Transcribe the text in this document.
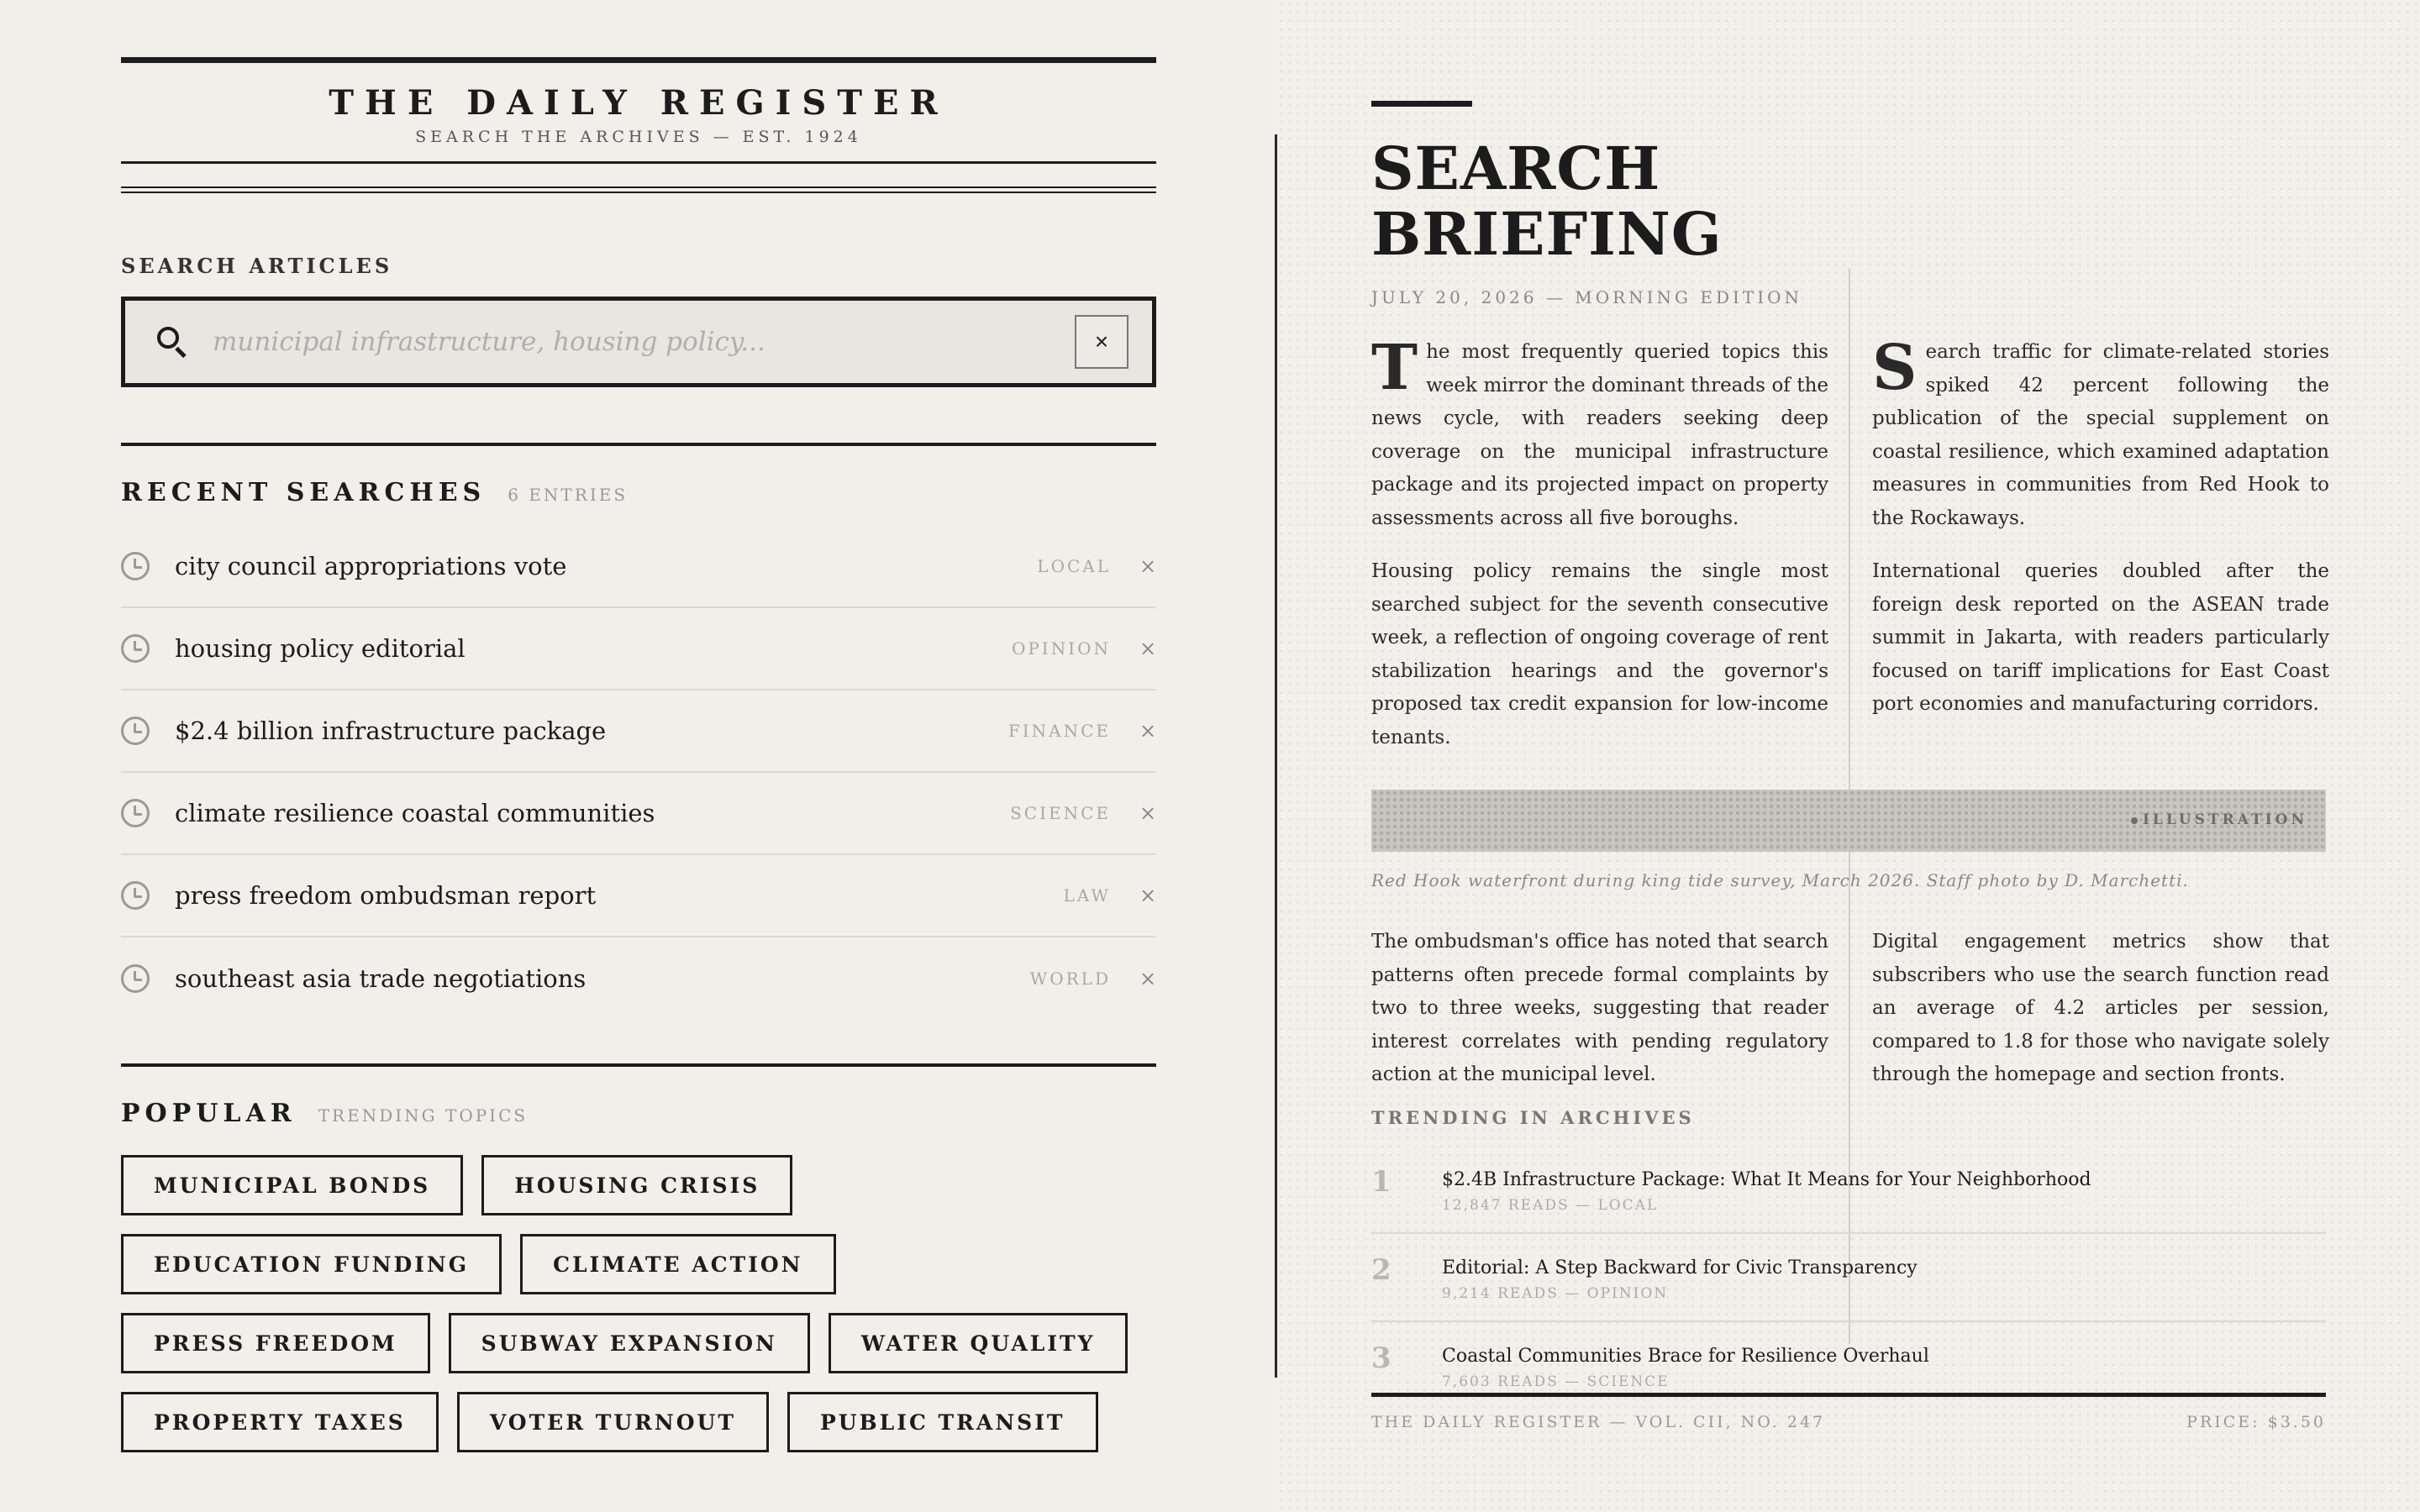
THE DAILY REGISTER
SEARCH THE ARCHIVES — EST. 1924
SEARCH ARTICLES
municipal infrastructure, housing policy...
×
RECENT SEARCHES 6 ENTRIES
city council appropriations vote	LOCAL ×
housing policy editorial	OPINION ×
$2.4 billion infrastructure package	FINANCE ×
climate resilience coastal communities	SCIENCE ×
press freedom ombudsman report	LAW ×
southeast asia trade negotiations	WORLD ×
POPULAR TRENDING TOPICS
MUNICIPAL BONDS	HOUSING CRISIS
EDUCATION FUNDING	CLIMATE ACTION
PRESS FREEDOM	SUBWAY EXPANSION	WATER QUALITY
PROPERTY TAXES	VOTER TURNOUT	PUBLIC TRANSIT
SEARCH
BRIEFING
JULY 20, 2026 — MORNING EDITION

The most frequently queried topics this week mirror the dominant threads of the news cycle, with readers seeking deep coverage on the municipal infrastructure package and its projected impact on property assessments across all five boroughs.

Housing policy remains the single most searched subject for the seventh consecutive week, a reflection of ongoing coverage of rent stabilization hearings and the governor's proposed tax credit expansion for low-income tenants.

Search traffic for climate-related stories spiked 42 percent following the publication of the special supplement on coastal resilience, which examined adaptation measures in communities from Red Hook to the Rockaways.

International queries doubled after the foreign desk reported on the ASEAN trade summit in Jakarta, with readers particularly focused on tariff implications for East Coast port economies and manufacturing corridors.

ILLUSTRATION
Red Hook waterfront during king tide survey, March 2026. Staff photo by D. Marchetti.

The ombudsman's office has noted that search patterns often precede formal complaints by two to three weeks, suggesting that reader interest correlates with pending regulatory action at the municipal level.

Digital engagement metrics show that subscribers who use the search function read an average of 4.2 articles per session, compared to 1.8 for those who navigate solely through the homepage and section fronts.

TRENDING IN ARCHIVES
1	$2.4B Infrastructure Package: What It Means for Your Neighborhood
12,847 READS — LOCAL
2	Editorial: A Step Backward for Civic Transparency
9,214 READS — OPINION
3	Coastal Communities Brace for Resilience Overhaul
7,603 READS — SCIENCE
THE DAILY REGISTER — VOL. CII, NO. 247	PRICE: $3.50
